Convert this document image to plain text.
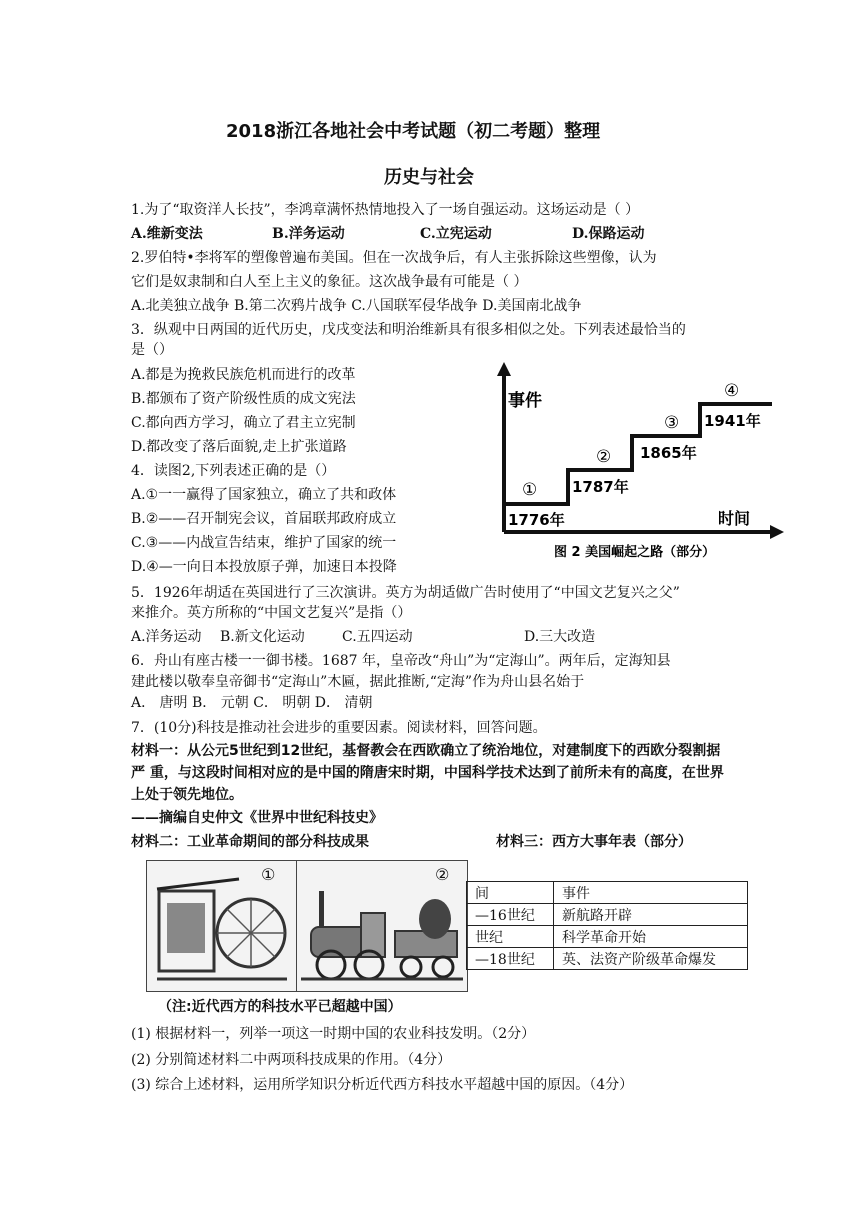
2018浙江各地社会中考试题（初二考题）整理
历史与社会
1.为了“取资洋人长技”，李鸿章满怀热情地投入了一场自强运动。这场运动是（ ）
A.维新变法	B.洋务运动	C.立宪运动	D.保路运动
2.罗伯特•李将军的塑像曾遍布美国。但在一次战争后，有人主张拆除这些塑像，认为
它们是奴隶制和白人至上主义的象征。这次战争最有可能是（ ）
A.北美独立战争 B.第二次鸦片战争 C.八国联军侵华战争 D.美国南北战争
3．纵观中日两国的近代历史，戊戌变法和明治维新具有很多相似之处。下列表述最恰当的
是（）
A.都是为挽救民族危机而进行的改革
B.都颁布了资产阶级性质的成文宪法
C.都向西方学习，确立了君主立宪制
D.都改变了落后面貌,走上扩张道路
4．读图2,下列表述正确的是（）
A.①一一赢得了国家独立，确立了共和政体
B.②——召开制宪会议，首届联邦政府成立
C.③——内战宣告结束，维护了国家的统一
D.④—一向日本投放原子弹，加速日本投降
事件
时间
①
1776年
②
1787年
③
1865年
④
1941年
图 2 美国崛起之路（部分）
5．1926年胡适在英国进行了三次演讲。英方为胡适做广告时使用了“中国文艺复兴之父”
来推介。英方所称的“中国文艺复兴”是指（）
A.洋务运动 B.新文化运动	C.五四运动	D.三大改造
6．舟山有座古楼一一御书楼。1687 年，皇帝改“舟山”为“定海山”。两年后，定海知县
建此楼以敬奉皇帝御书“定海山”木匾，据此推断,“定海”作为舟山县名始于
A． 唐明 B． 元朝 C． 明朝 D． 清朝
7．(10分)科技是推动社会进步的重要因素。阅读材料，回答问题。
材料一：从公元5世纪到12世纪，基督教会在西欧确立了统治地位，对建制度下的西欧分裂割据严 重，与这段时间相对应的是中国的隋唐宋时期，中国科学技术达到了前所未有的高度，在世界上处于领先地位。
——摘编自史仲文《世界中世纪科技史》
材料二：工业革命期间的部分科技成果	材料三：西方大事年表（部分）
①	②
间	事件
—16世纪	新航路开辟
世纪	科学革命开始
—18世纪	英、法资产阶级革命爆发
（注:近代西方的科技水平已超越中国）
(1) 根据材料一，列举一项这一时期中国的农业科技发明。（2分）
(2) 分别简述材料二中两项科技成果的作用。（4分）
(3) 综合上述材料，运用所学知识分析近代西方科技水平超越中国的原因。（4分）
